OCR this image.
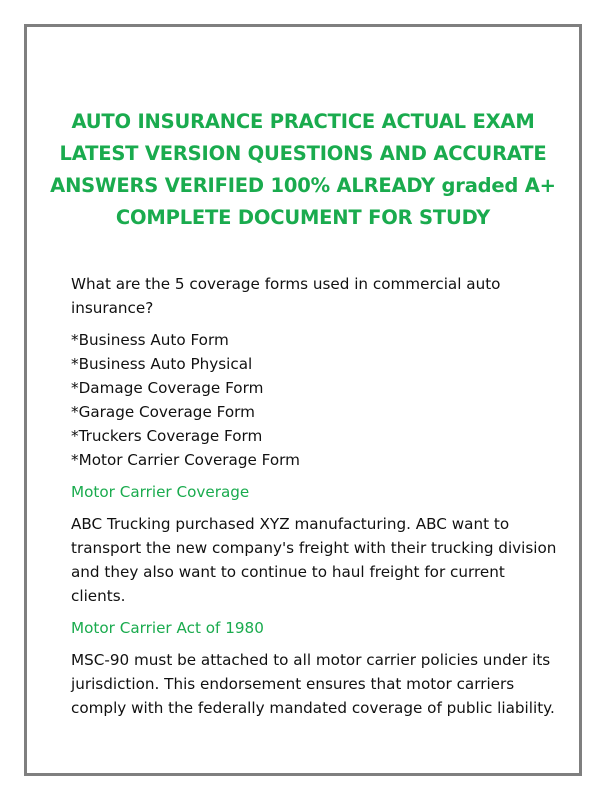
AUTO INSURANCE PRACTICE ACTUAL EXAM
LATEST VERSION QUESTIONS AND ACCURATE
ANSWERS VERIFIED 100% ALREADY graded A+
COMPLETE DOCUMENT FOR STUDY
What are the 5 coverage forms used in commercial auto
insurance?
*Business Auto Form
*Business Auto Physical
*Damage Coverage Form
*Garage Coverage Form
*Truckers Coverage Form
*Motor Carrier Coverage Form
Motor Carrier Coverage
ABC Trucking purchased XYZ manufacturing. ABC want to
transport the new company's freight with their trucking division
and they also want to continue to haul freight for current
clients.
Motor Carrier Act of 1980
MSC-90 must be attached to all motor carrier policies under its
jurisdiction. This endorsement ensures that motor carriers
comply with the federally mandated coverage of public liability.
